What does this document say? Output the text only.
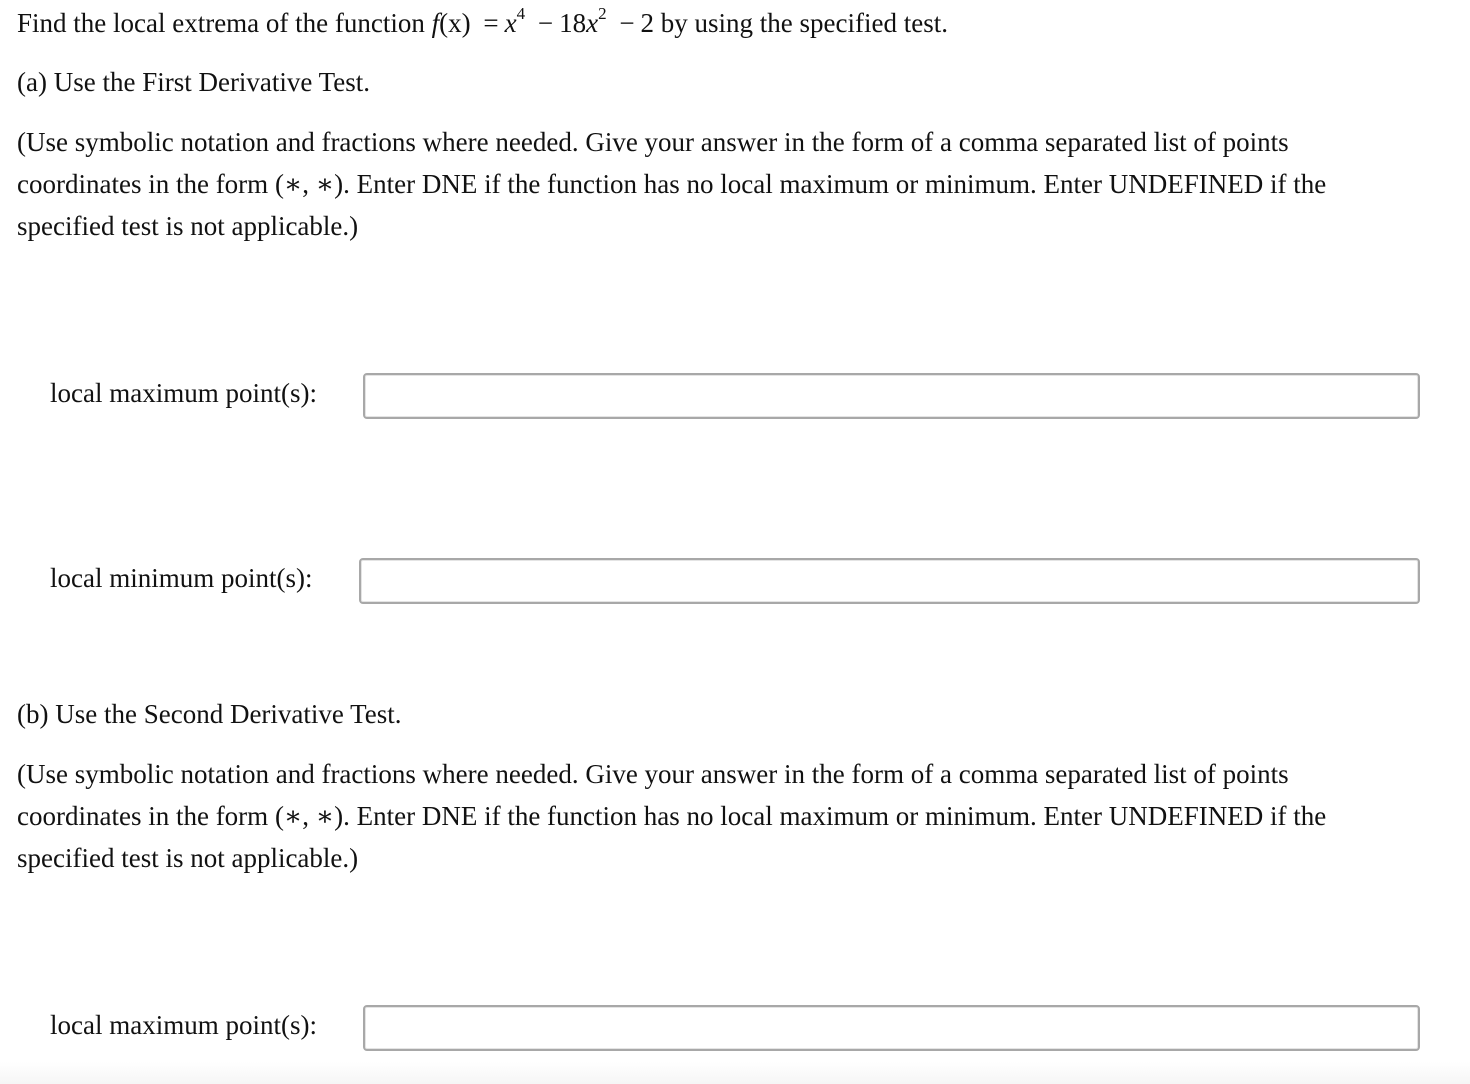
Find the local extrema of the function $f(x) = x^4 - 18x^2 - 2$ by using the specified test.

(a) Use the First Derivative Test.

(Use symbolic notation and fractions where needed. Give your answer in the form of a comma separated list of points
coordinates in the form (∗, ∗). Enter DNE if the function has no local maximum or minimum. Enter UNDEFINED if the
specified test is not applicable.)
local maximum point(s):
local minimum point(s):

(b) Use the Second Derivative Test.

(Use symbolic notation and fractions where needed. Give your answer in the form of a comma separated list of points
coordinates in the form (∗, ∗). Enter DNE if the function has no local maximum or minimum. Enter UNDEFINED if the
specified test is not applicable.)
local maximum point(s):
